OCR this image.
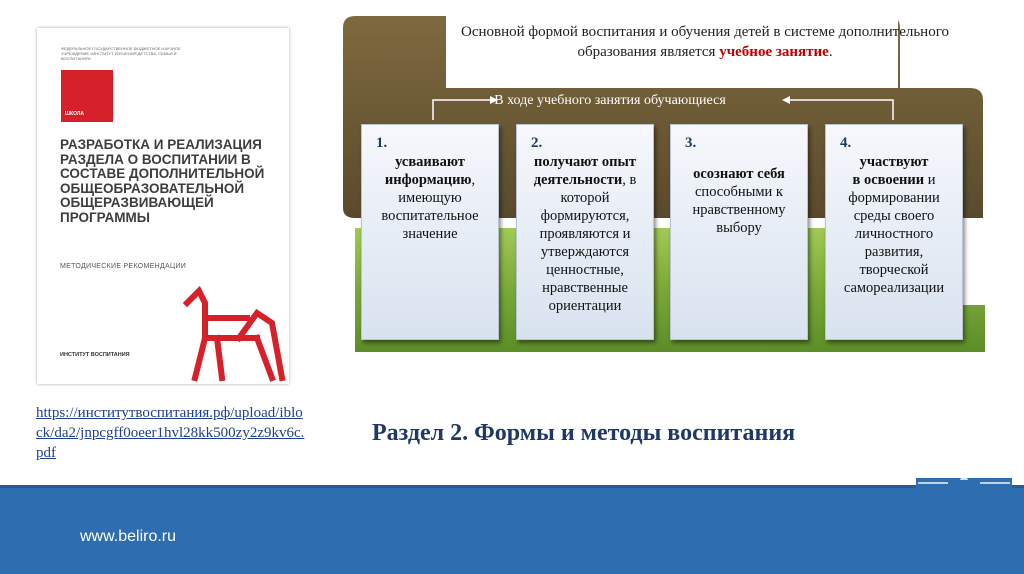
ФЕДЕРАЛЬНОЕ ГОСУДАРСТВЕННОЕ БЮДЖЕТНОЕ НАУЧНОЕ УЧРЕЖДЕНИЕ «ИНСТИТУТ ИЗУЧЕНИЯ ДЕТСТВА, СЕМЬИ И ВОСПИТАНИЯ»
ШКОЛА
РАЗРАБОТКА И РЕАЛИЗАЦИЯ РАЗДЕЛА О ВОСПИТАНИИ В СОСТАВЕ ДОПОЛНИТЕЛЬНОЙ ОБЩЕОБРАЗОВАТЕЛЬНОЙ ОБЩЕРАЗВИВАЮЩЕЙ ПРОГРАММЫ
МЕТОДИЧЕСКИЕ РЕКОМЕНДАЦИИ
ИНСТИТУТ ВОСПИТАНИЯ
https://институтвоспитания.рф/upload/iblock/da2/jnpcgff0oeer1hvl28kk500zy2z9kv6c.pdf
Основной формой воспитания и обучения детей в системе дополнительного образования является учебное занятие.
В ходе учебного занятия обучающиеся
1.
усваивают
информацию,
имеющую воспитательное значение
2.
получают опыт
деятельности, в
которой формируются, проявляются и утверждаются ценностные, нравственные ориентации
3.
осознают себя
способными к нравственному выбору
4.
участвуют
в освоении и
формировании среды своего личностного развития, творческой самореализации
Раздел 2. Формы и методы воспитания
www.beliro.ru
